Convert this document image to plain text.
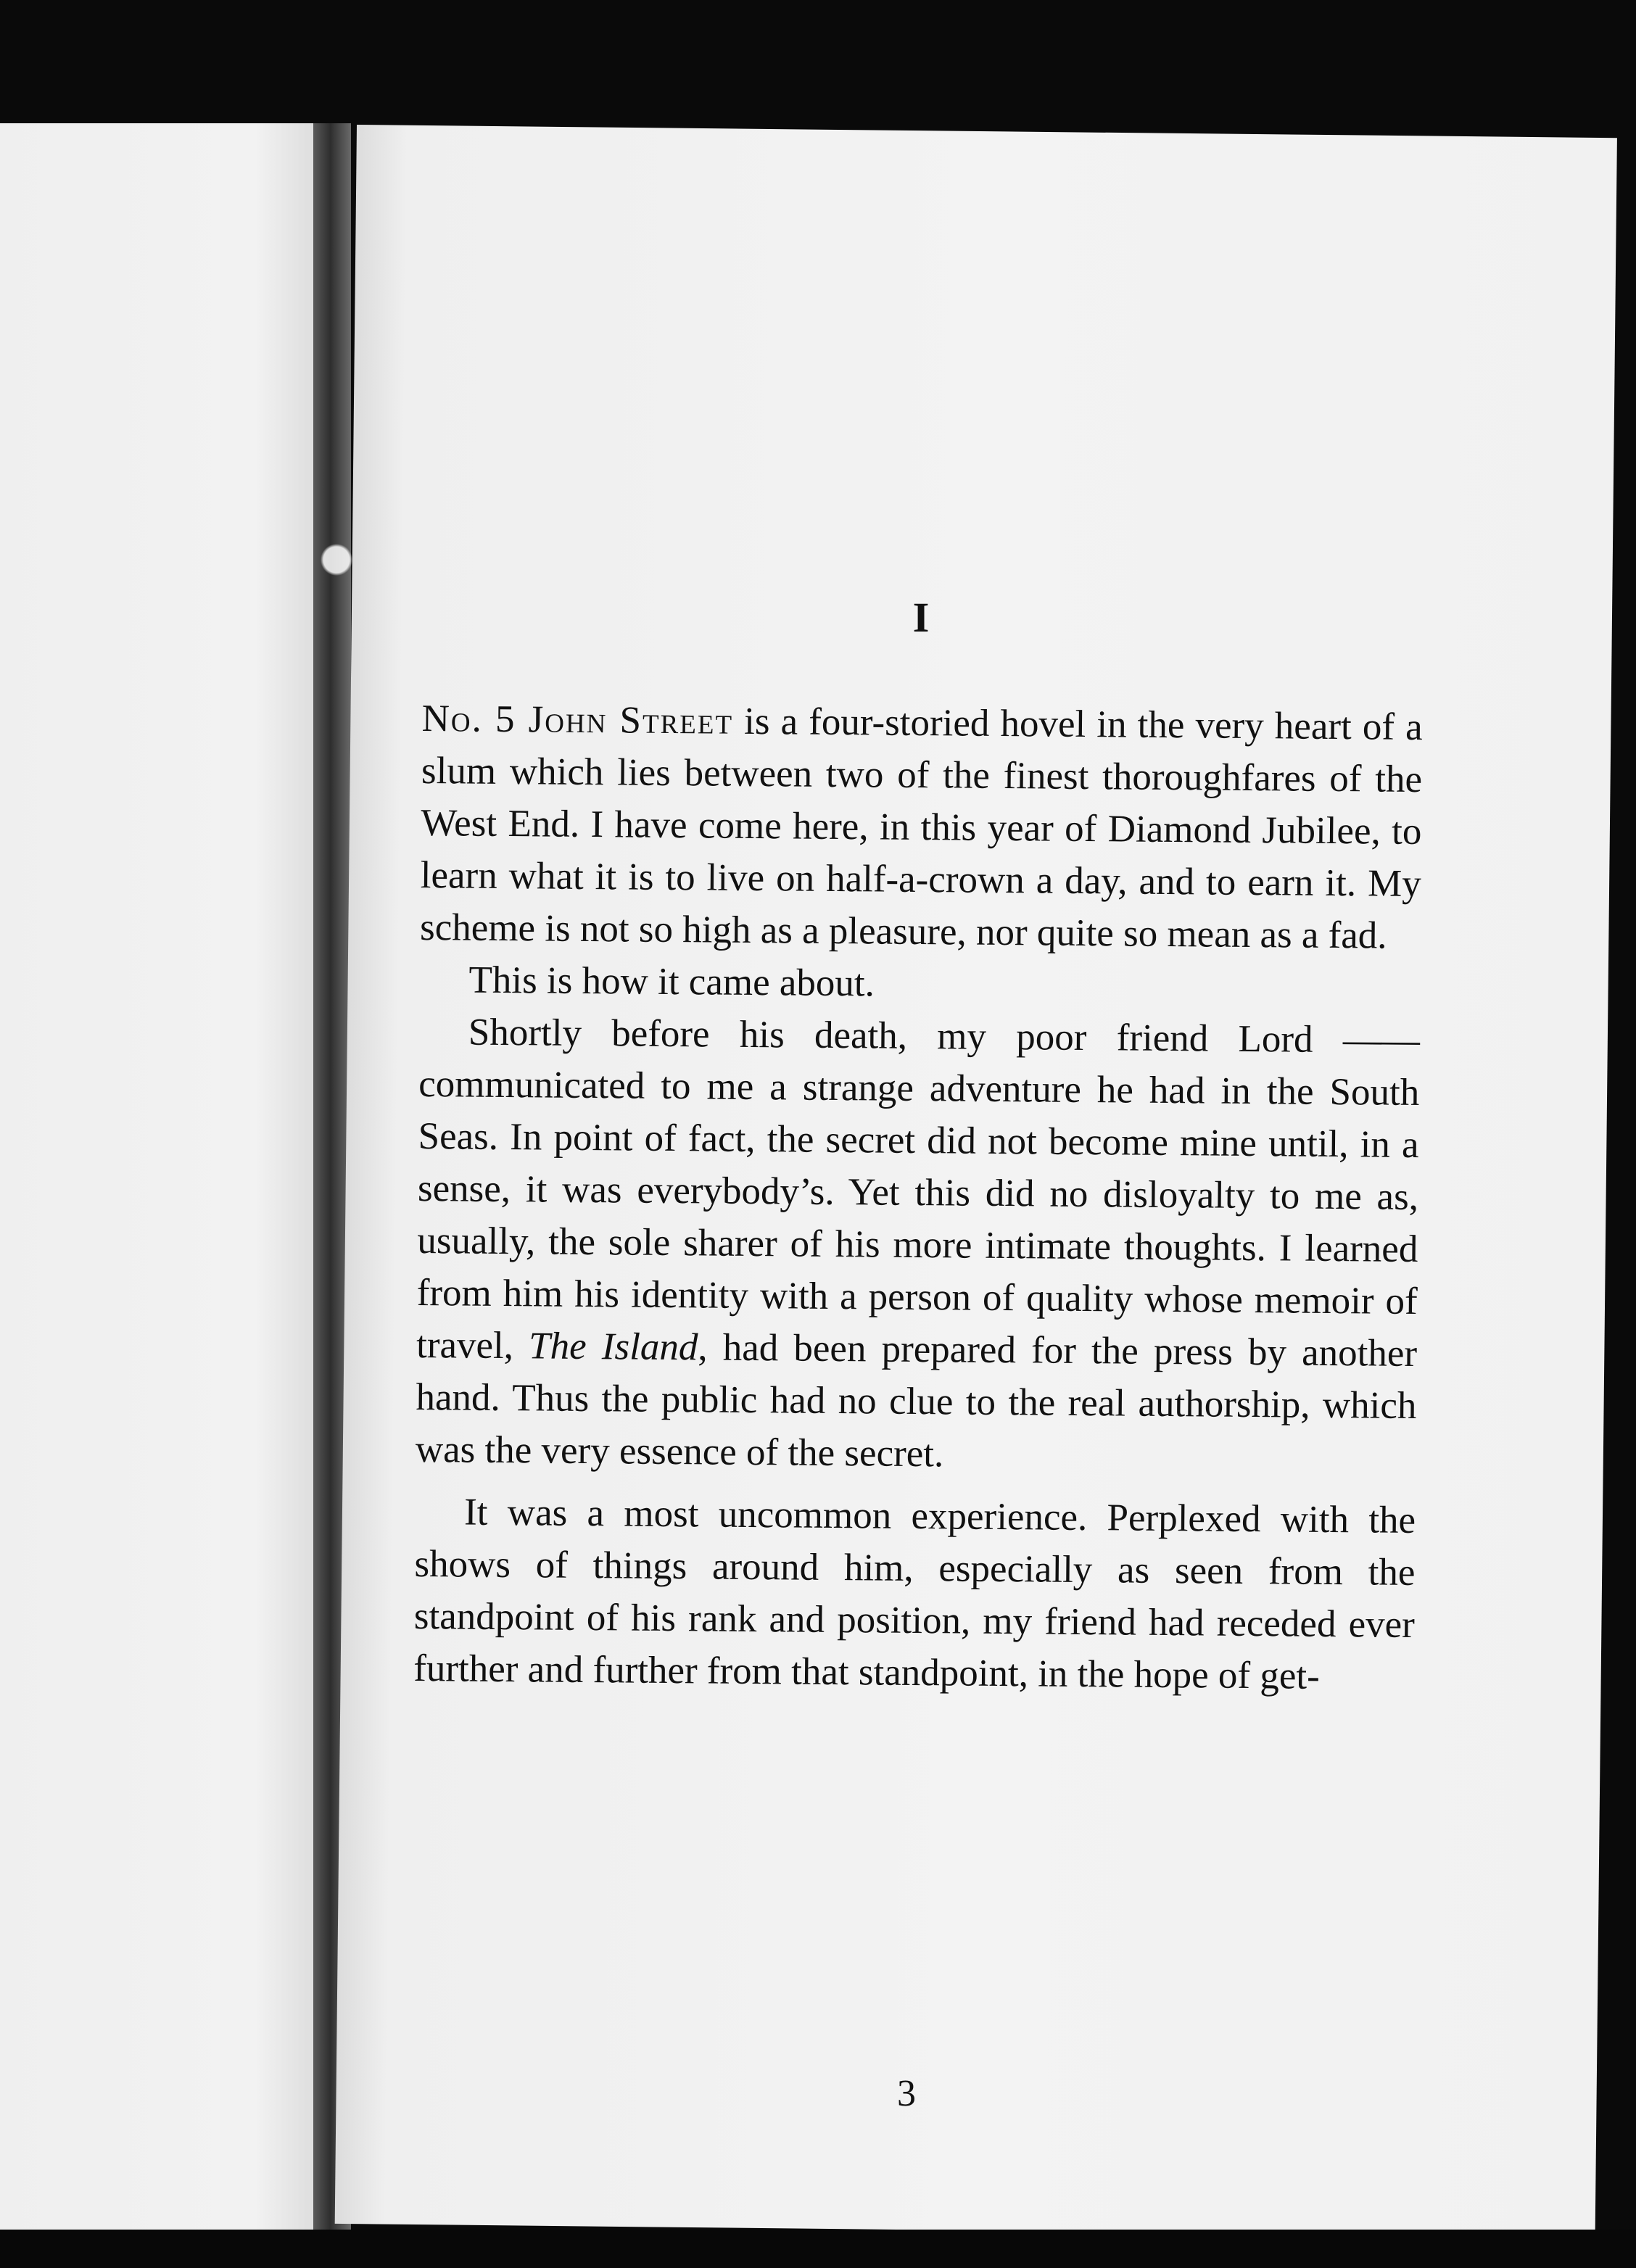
I

No. 5 John Street is a four-storied hovel in the very heart of a slum which lies between two of the finest thoroughfares of the West End. I have come here, in this year of Diamond Jubilee, to learn what it is to live on half-a-crown a day, and to earn it. My scheme is not so high as a pleasure, nor quite so mean as a fad.

This is how it came about.

Shortly before his death, my poor friend Lord —— communicated to me a strange adventure he had in the South Seas. In point of fact, the secret did not become mine until, in a sense, it was everybody’s. Yet this did no disloyalty to me as, usually, the sole sharer of his more intimate thoughts. I learned from him his identity with a person of quality whose memoir of travel, The Island, had been prepared for the press by another hand. Thus the public had no clue to the real authorship, which was the very essence of the secret.

It was a most uncommon experience. Perplexed with the shows of things around him, especially as seen from the standpoint of his rank and position, my friend had receded ever further and further from that standpoint, in the hope of get-

3
